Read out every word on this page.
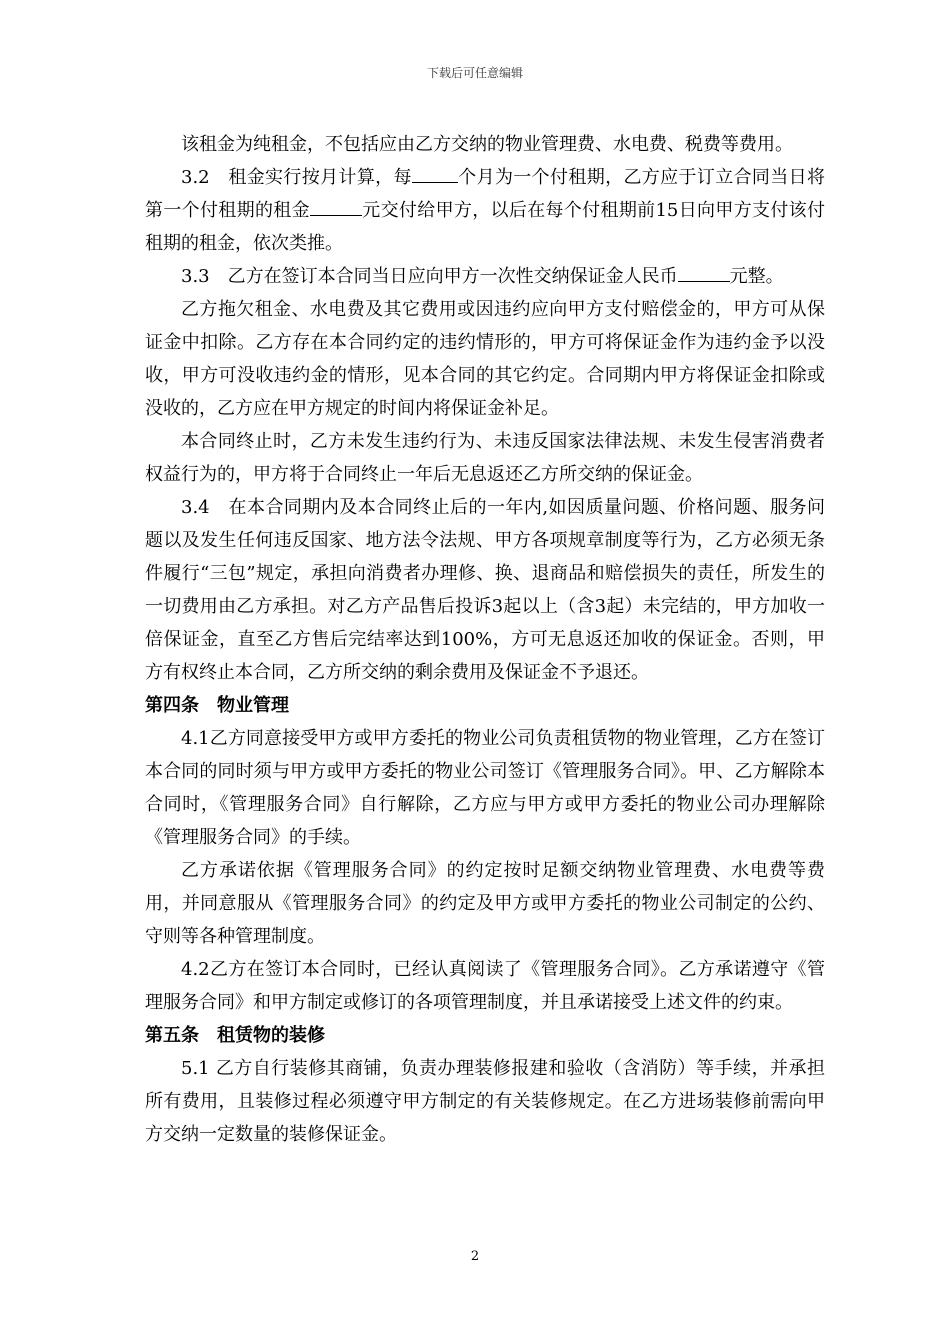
下载后可任意编辑

该租金为纯租金，不包括应由乙方交纳的物业管理费、水电费、税费等费用。

3.2　租金实行按月计算，每	个月为一个付租期，乙方应于订立合同当日将第一个付租期的租金	元交付给甲方，以后在每个付租期前15日向甲方支付该付租期的租金，依次类推。

3.3　乙方在签订本合同当日应向甲方一次性交纳保证金人民币	元整。

乙方拖欠租金、水电费及其它费用或因违约应向甲方支付赔偿金的，甲方可从保证金中扣除。乙方存在本合同约定的违约情形的，甲方可将保证金作为违约金予以没收，甲方可没收违约金的情形，见本合同的其它约定。合同期内甲方将保证金扣除或没收的，乙方应在甲方规定的时间内将保证金补足。

本合同终止时，乙方未发生违约行为、未违反国家法律法规、未发生侵害消费者权益行为的，甲方将于合同终止一年后无息返还乙方所交纳的保证金。

3.4　在本合同期内及本合同终止后的一年内,如因质量问题、价格问题、服务问题以及发生任何违反国家、地方法令法规、甲方各项规章制度等行为，乙方必须无条件履行“三包”规定，承担向消费者办理修、换、退商品和赔偿损失的责任，所发生的一切费用由乙方承担。对乙方产品售后投诉3起以上（含3起）未完结的，甲方加收一倍保证金，直至乙方售后完结率达到100%，方可无息返还加收的保证金。否则，甲方有权终止本合同，乙方所交纳的剩余费用及保证金不予退还。

第四条　物业管理

4.1乙方同意接受甲方或甲方委托的物业公司负责租赁物的物业管理，乙方在签订本合同的同时须与甲方或甲方委托的物业公司签订《管理服务合同》。甲、乙方解除本合同时，《管理服务合同》自行解除，乙方应与甲方或甲方委托的物业公司办理解除《管理服务合同》的手续。

乙方承诺依据《管理服务合同》的约定按时足额交纳物业管理费、水电费等费用，并同意服从《管理服务合同》的约定及甲方或甲方委托的物业公司制定的公约、守则等各种管理制度。

4.2乙方在签订本合同时，已经认真阅读了《管理服务合同》。乙方承诺遵守《管理服务合同》和甲方制定或修订的各项管理制度，并且承诺接受上述文件的约束。

第五条　租赁物的装修

5.1 乙方自行装修其商铺，负责办理装修报建和验收（含消防）等手续，并承担所有费用，且装修过程必须遵守甲方制定的有关装修规定。在乙方进场装修前需向甲方交纳一定数量的装修保证金。

2
